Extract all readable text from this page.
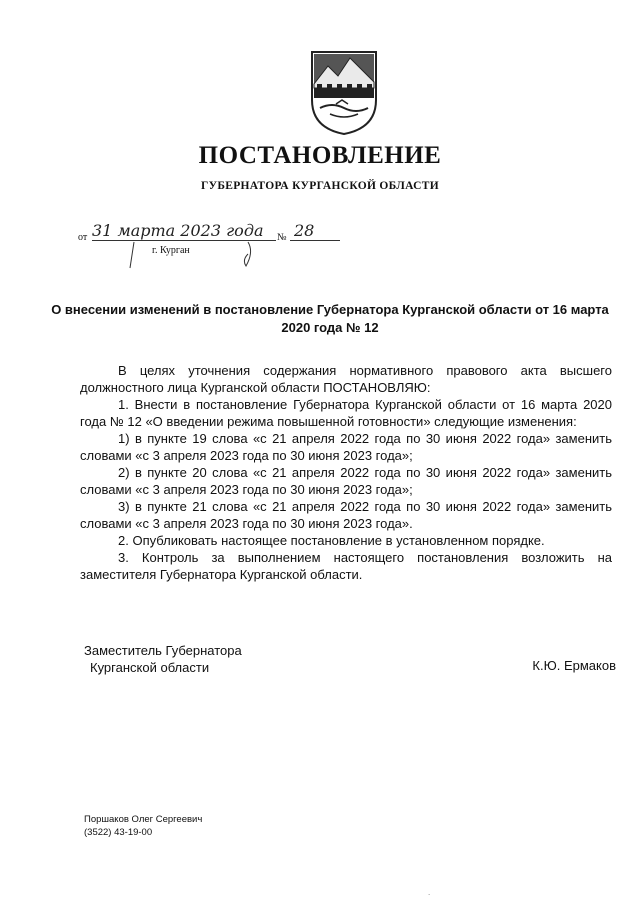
ПОСТАНОВЛЕНИЕ
ГУБЕРНАТОРА КУРГАНСКОЙ ОБЛАСТИ
от 31 марта 2023 года № 28
г. Курган
О внесении изменений в постановление Губернатора Курганской области от 16 марта 2020 года № 12

В целях уточнения содержания нормативного правового акта высшего должностного лица Курганской области ПОСТАНОВЛЯЮ:

1. Внести в постановление Губернатора Курганской области от 16 марта 2020 года № 12 «О введении режима повышенной готовности» следующие изменения:

1) в пункте 19 слова «с 21 апреля 2022 года по 30 июня 2022 года» заменить словами «с 3 апреля 2023 года по 30 июня 2023 года»;

2) в пункте 20 слова «с 21 апреля 2022 года по 30 июня 2022 года» заменить словами «с 3 апреля 2023 года по 30 июня 2023 года»;

3) в пункте 21 слова «с 21 апреля 2022 года по 30 июня 2022 года» заменить словами «с 3 апреля 2023 года по 30 июня 2023 года».

2. Опубликовать настоящее постановление в установленном порядке.

3. Контроль за выполнением настоящего постановления возложить на заместителя Губернатора Курганской области.

Заместитель Губернатора
Курганской области	К.Ю. Ермаков
Поршаков Олег Сергеевич
(3522) 43-19-00
.
